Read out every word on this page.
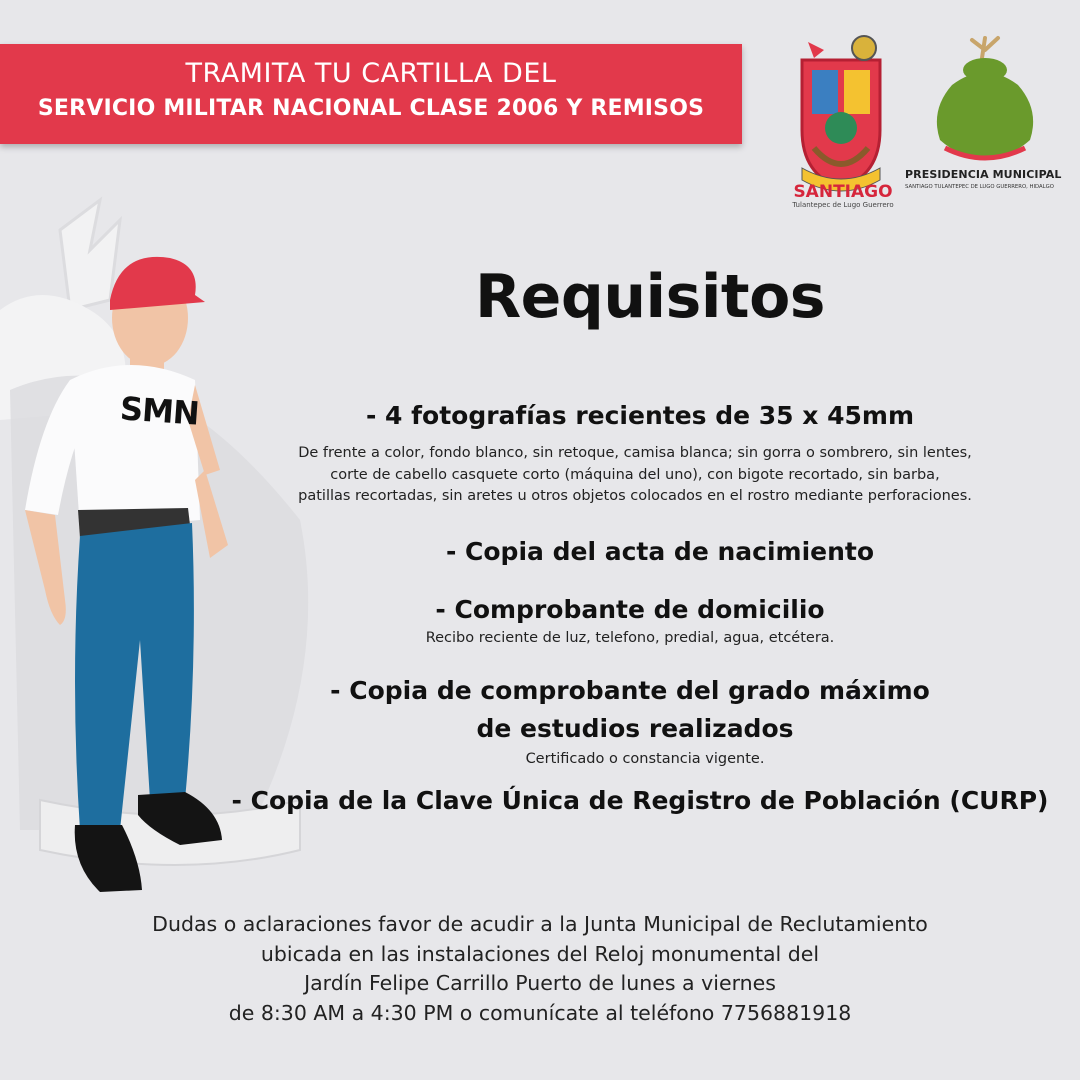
SMN
TRAMITA TU CARTILLA DEL
SERVICIO MILITAR NACIONAL CLASE 2006 Y REMISOS
SANTIAGO
Tulantepec de Lugo Guerrero
PRESIDENCIA MUNICIPAL
SANTIAGO TULANTEPEC DE LUGO GUERRERO, HIDALGO
Requisitos
- 4 fotografías recientes de 35 x 45mm
De frente a color, fondo blanco, sin retoque, camisa blanca; sin gorra o sombrero, sin lentes,
corte de cabello casquete corto (máquina del uno), con bigote recortado, sin barba,
patillas recortadas, sin aretes u otros objetos colocados en el rostro mediante perforaciones.
- Copia del acta de nacimiento
- Comprobante de domicilio
Recibo reciente de luz, telefono, predial, agua, etcétera.
- Copia de comprobante del grado máximo
de estudios realizados
Certificado o constancia vigente.
- Copia de la Clave Única de Registro de Población (CURP)
Dudas o aclaraciones favor de acudir a la Junta Municipal de Reclutamiento
ubicada en las instalaciones del Reloj monumental del
Jardín Felipe Carrillo Puerto de lunes a viernes
de 8:30 AM a 4:30 PM o comunícate al teléfono 7756881918
